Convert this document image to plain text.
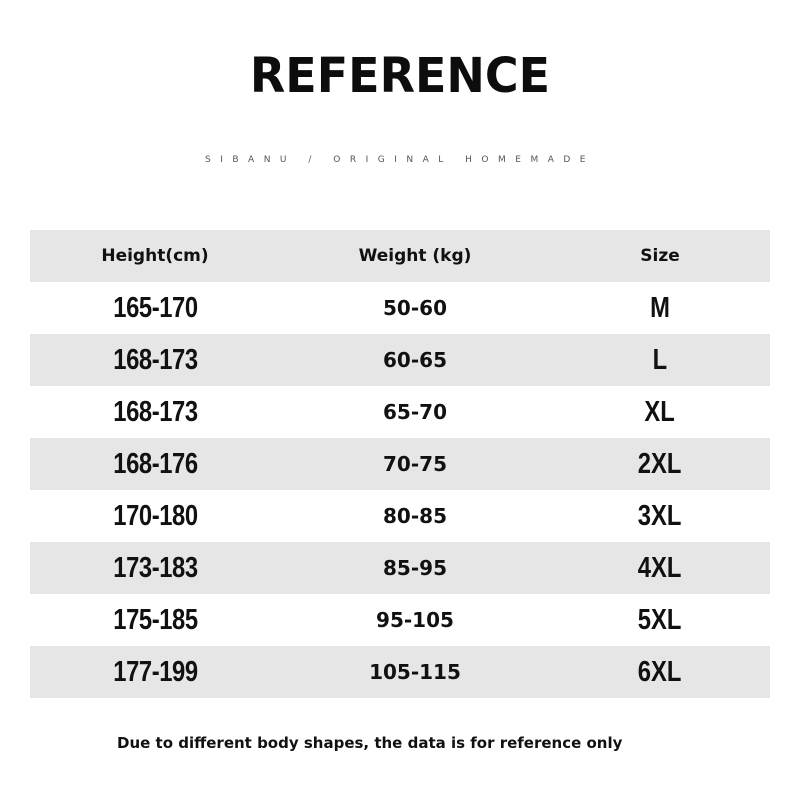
REFERENCE
SIBANU / ORIGINAL HOMEMADE
Height(cm)	Weight (kg)	Size
165-170	50-60	M
168-173	60-65	L
168-173	65-70	XL
168-176	70-75	2XL
170-180	80-85	3XL
173-183	85-95	4XL
175-185	95-105	5XL
177-199	105-115	6XL
Due to different body shapes, the data is for reference only
